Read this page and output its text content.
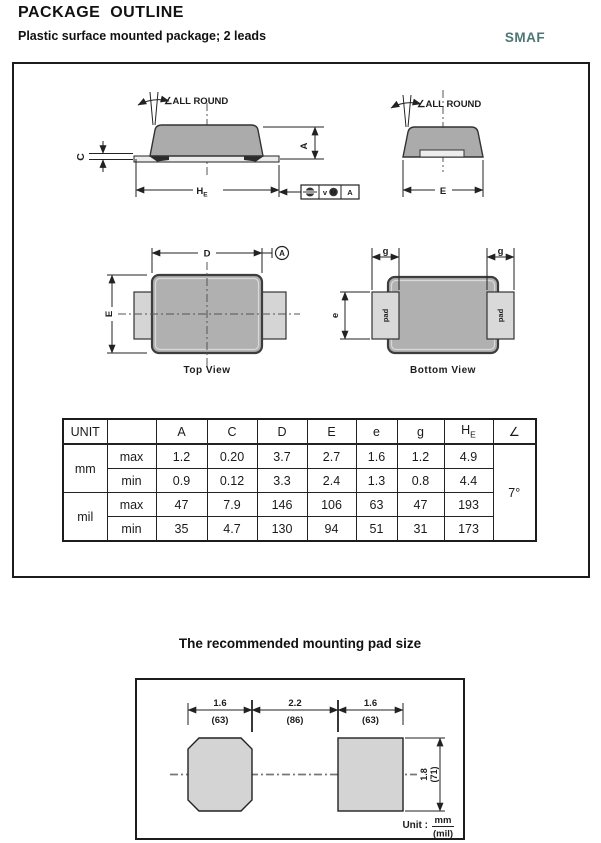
PACKAGE  OUTLINE
Plastic surface mounted package; 2 leads	SMAF
∠ALL ROUND
A
C
$H_E$	v M A
∠ALL ROUND
E
D	A
E
Top View
pad	pad
g	g
e
Bottom View
UNIT		A	C	D	E	e	g	$H_E$	∠
mm	max	1.2	0.20	3.7	2.7	1.6	1.2	4.9	7°
	min	0.9	0.12	3.3	2.4	1.3	0.8	4.4	
mil	max	47	7.9	146	106	63	47	193	
	min	35	4.7	130	94	51	31	173	
The recommended mounting pad size
1.6
(63)
2.2
(86)
1.6
(63)
1.8 (71)
Unit : mm
(mil)
